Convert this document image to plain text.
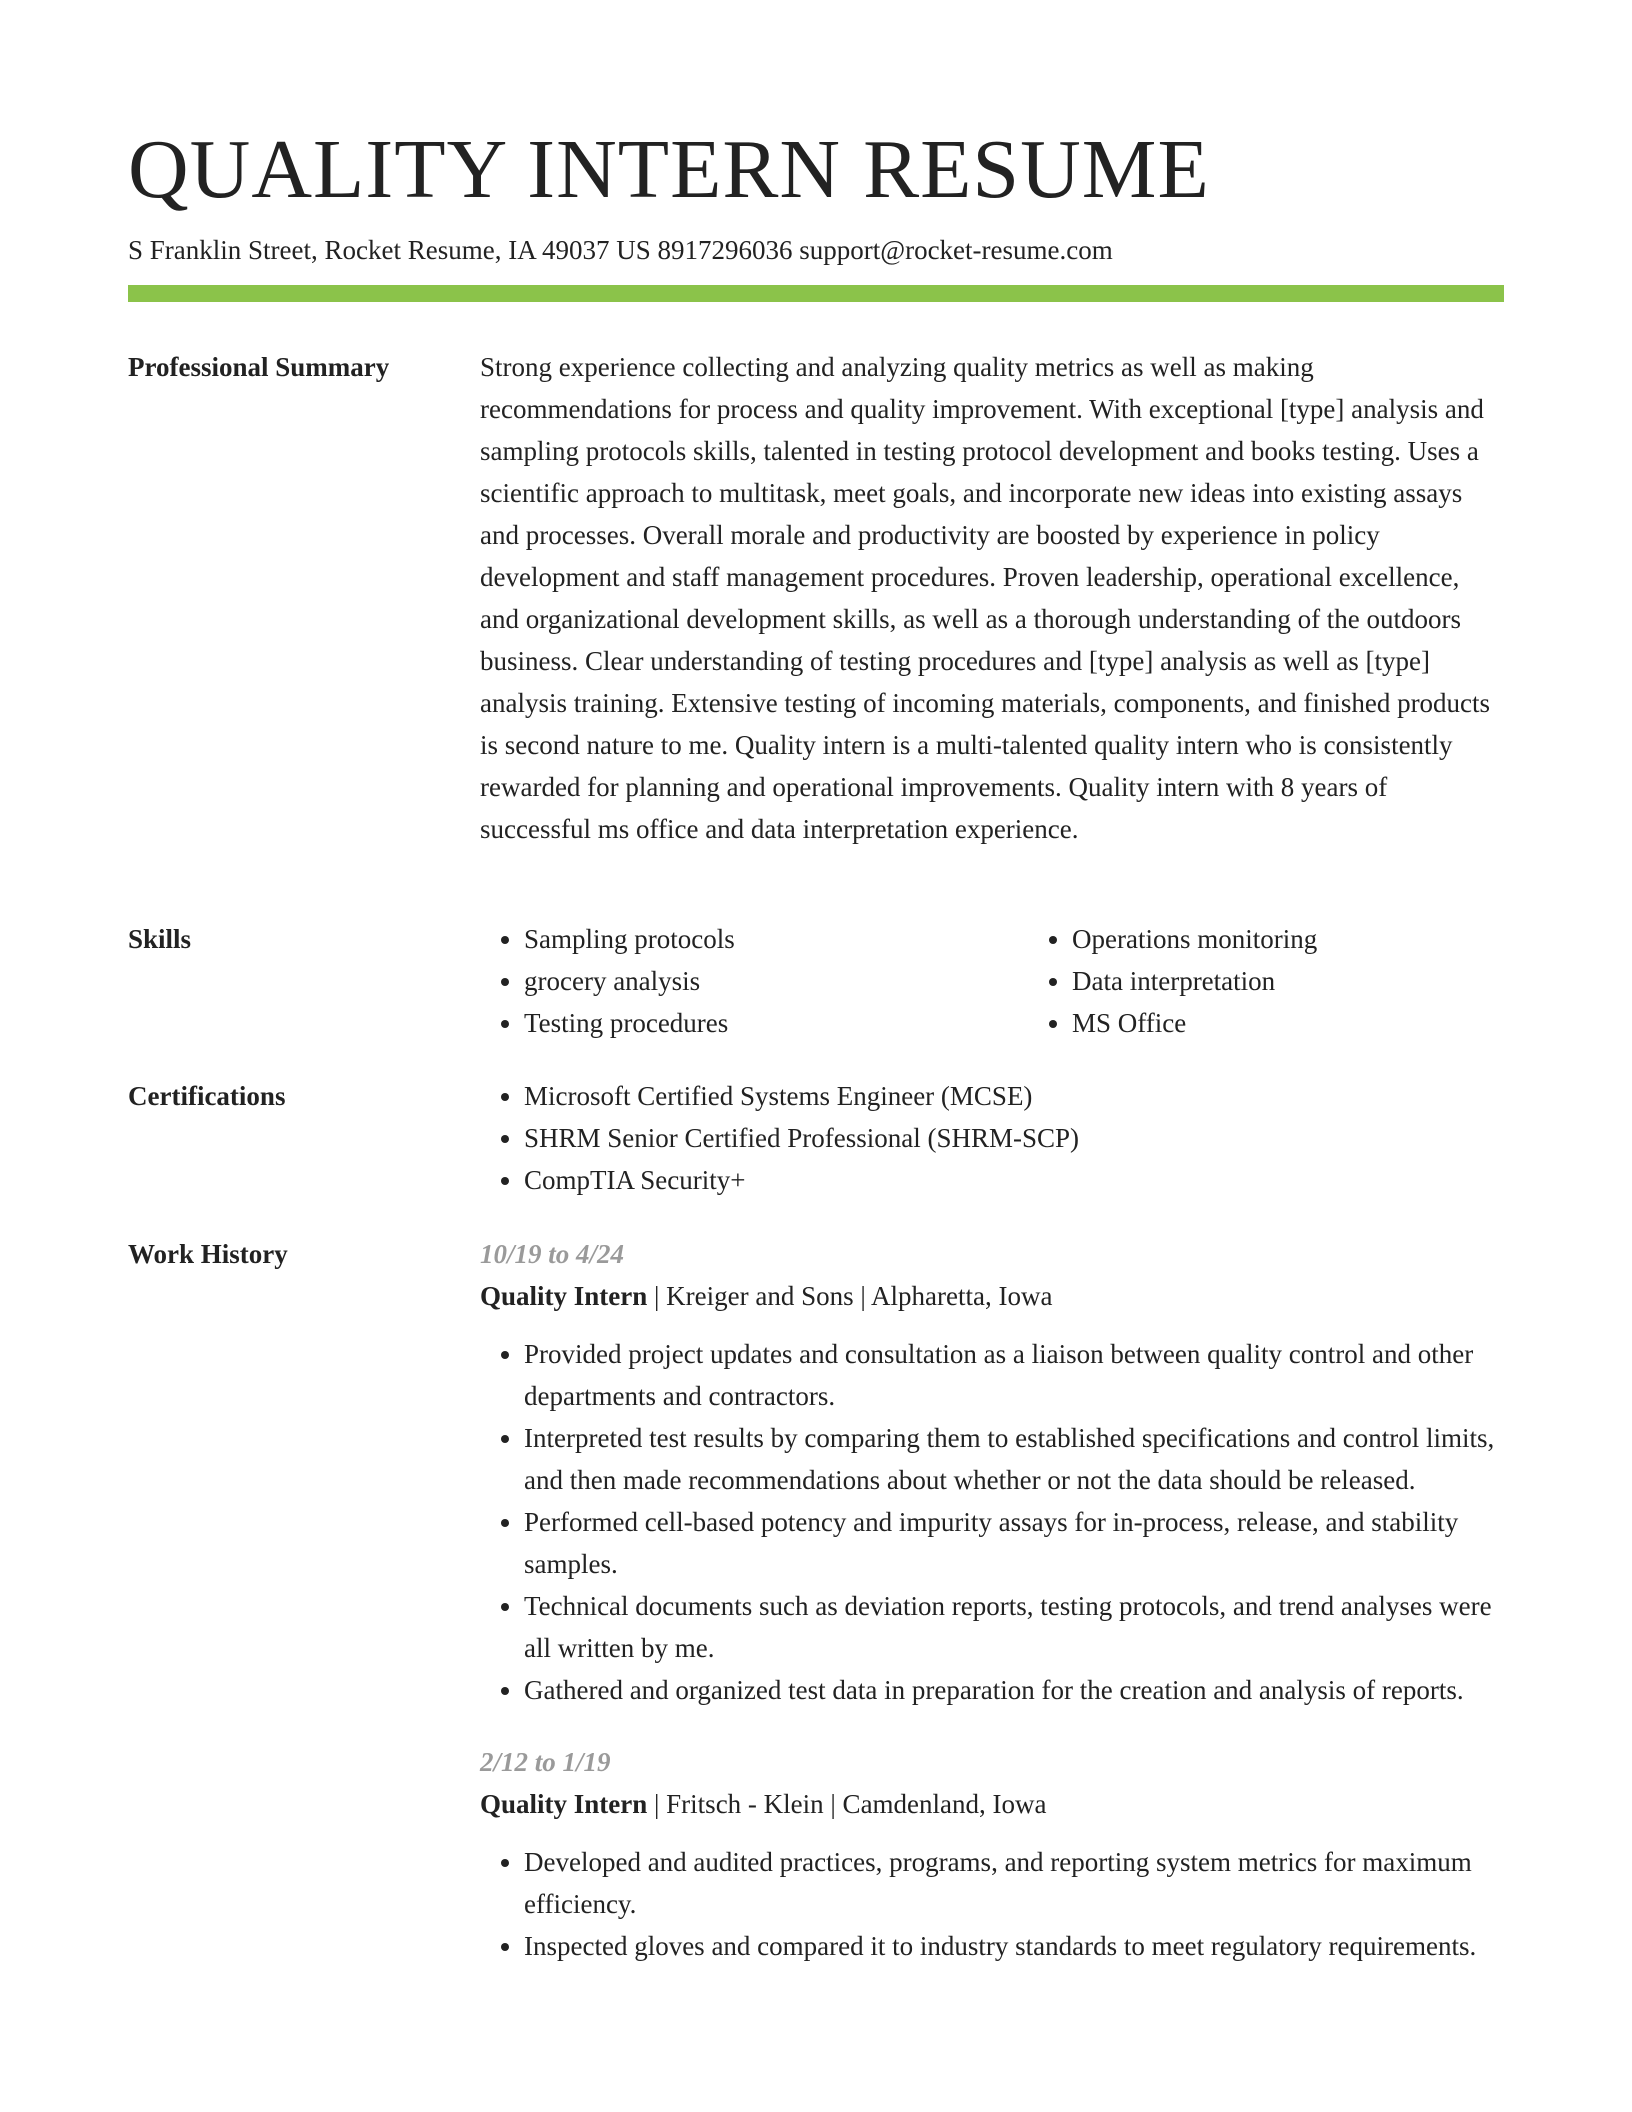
QUALITY INTERN RESUME
S Franklin Street, Rocket Resume, IA 49037 US 8917296036 support@rocket-resume.com
Professional Summary	Strong experience collecting and analyzing quality metrics as well as making recommendations for process and quality improvement. With exceptional [type] analysis and sampling protocols skills, talented in testing protocol development and books testing. Uses a scientific approach to multitask, meet goals, and incorporate new ideas into existing assays and processes. Overall morale and productivity are boosted by experience in policy development and staff management procedures. Proven leadership, operational excellence, and organizational development skills, as well as a thorough understanding of the outdoors business. Clear understanding of testing procedures and [type] analysis as well as [type] analysis training. Extensive testing of incoming materials, components, and finished products is second nature to me. Quality intern is a multi-talented quality intern who is consistently rewarded for planning and operational improvements. Quality intern with 8 years of successful ms office and data interpretation experience.

Skills	• Sampling protocols
• grocery analysis
• Testing procedures
• Operations monitoring
• Data interpretation
• MS Office
Certifications	• Microsoft Certified Systems Engineer (MCSE)
• SHRM Senior Certified Professional (SHRM-SCP)
• CompTIA Security+
Work History	10/19 to 4/24
Quality Intern | Kreiger and Sons | Alpharetta, Iowa
• Provided project updates and consultation as a liaison between quality control and other departments and contractors.
• Interpreted test results by comparing them to established specifications and control limits, and then made recommendations about whether or not the data should be released.
• Performed cell-based potency and impurity assays for in-process, release, and stability samples.
• Technical documents such as deviation reports, testing protocols, and trend analyses were all written by me.
• Gathered and organized test data in preparation for the creation and analysis of reports.
2/12 to 1/19
Quality Intern | Fritsch - Klein | Camdenland, Iowa
• Developed and audited practices, programs, and reporting system metrics for maximum efficiency.
• Inspected gloves and compared it to industry standards to meet regulatory requirements.
